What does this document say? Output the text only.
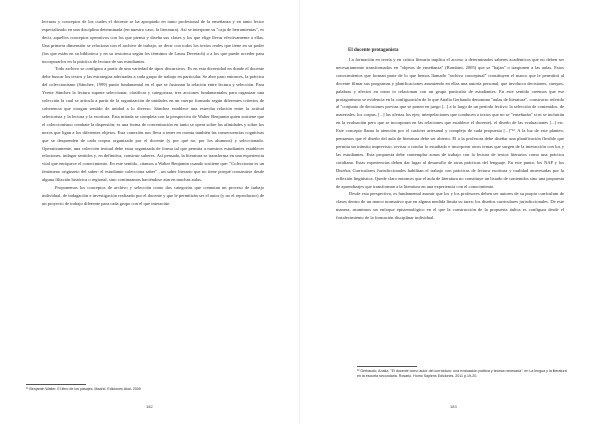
lecturas y conceptos de los cuales el docente se ha apropiado en tanto profesional de la enseñanza y en tanto lector especializado en una disciplina determinada (en nuestro caso, la literatura). Así se interpone su "caja de herramientas", es decir, aquellos conceptos operativos con los que piensa y diseña sus clases y los que elige llevar efectivamente a ellas. Una primera dimensión se relaciona con el archivo de trabajo, se decir con todos los textos reales que tiene en su poder (los que están en su biblioteca y en su textoteca según los términos de Laura Devetach) o a los que puede acceder para incorporarlos en la práctica de lectura de sus estudiantes.

Todo archivo se configura a partir de una variedad de tipos discursivos. Es en esta diversidad en donde el docente debe buscar los textos y las estrategias adecuadas a cada grupo de trabajo en particular. Se abre paso entonces, la práctica del coleccionismo (Sánchez, 1999) punto fundamental en el que se fusionan la relación entre lectura y selección. Para Yvette Sánchez la lectura supone seleccionar, clasificar y categorizar, tres acciones fundamentales para organizar una colección la cual se articula a partir de la organización de unidades en un cuerpo formado según diferentes criterios de coherencia que otorgan sentido de unidad a lo diverso. Sánchez establece una estrecha relación entre la actitud selectorista y la lectura y la escritura. Esta mirada se completa con la perspectiva de Walter Benjamin quien sostiene que el coleccionismo combate la dispersión; es una forma de concentración en tanto se opera sobre las afinidades y sobre los nexos que ligan a los diferentes objetos. Esta conexión nos lleva a tener en cuenta también las consecuencias cognitivas que se desprenden de cada corpus organizado por el docente (y por qué no, por los alumnos) y seleccionado. Operativamente, una colección textual debe estar organizada de forma tal que permita a nuestros estudiantes establecer relaciones, indagar sentidos y, en definitiva, construir saberes. Así pensada, la literatura se transforma en una experiencia vital que enriquece el conocimiento. En este sentido, citamos a Walter Benjamin cuando sostiene que: "Coleccionar es un fenómeno originario del saber: el estudiante colecciona saber" , un saber literario que no tiene porqué construirse desde alguna filiación histórica o regional, sino continuamos haciéndose aún en muchas aulas.

Proponemos los conceptos de archivo y selección como dos categorías que connotan un proceso de trabajo individual, de indagación e investigación realizado por el docente y que le permitirán ser el autor (y no el reproductor) de un proyecto de trabajo diferente para cada grupo con el que interactúe.

¹¹ Benjamin Walter. El libro de los pasajes. Madrid. Ediciones Akal. 2005
182
El docente protagonista

La formación en teoría y en crítica literaria implica el acceso a determinados saberes académicos que no deben ser necesariamente transformados en "objetos de enseñanza" (Bombini, 2005) que se "bajan" o trasponen a las aulas. Estos conocimientos que forman parte de lo que hemos llamado "archivo conceptual" constituyen el marco que le permitirá al docente filmar sus programas y planificaciones asumiendo en ellas una autoría personal, que involucra decisiones, cuerpos, palabras y afectos en torno to relacionan con un grupo particular de estudiantes. En este sentido creemos que ese protagonismo se evidencia en la configuración de lo que Analía Gerbaudo denomina "aulas de literatura", constructo referido al "conjunto de decisiones previas que se ponen en juego [...] a lo largo de un período lectivo: la selección de contenidos, de materiales, los corpus, [...] las ofertas los ejes; interpelaciones que conducen a textos que no se "enseñarán" si ni se incluirán en la evaluación pero que se incorporan en las relaciones que establece el docente), el diseño de las evaluaciones [...] etc. Este concepto llama la atención por el carácter artesanal y complejo de cada propuesta [...]"¹². A la luz de este planteo, pensamos que el diseño del aula de literatura debe ser abierto. El o la profesora debe diseñar una planificación flexible que permita un tránsito imprevisto, revisar o rotular lo estudiado e incorporar otros temas que surgen de la interacción con los y las estudiantes. Esta propuesta debe contemplar zonas de trabajo con la lectura de textos literarios como una práctica cotidiana. Estas experiencias deben dar lugar al desarrollo de otras prácticas del lenguaje. En este punto, los NAP y los Diseños Curriculares Jurisdiccionales habilitan el trabajo con prácticas de lectura escritura y oralidad atravesadas por la reflexión lingüística. Quede claro entonces que el aula de literatura no constituye un listado de contenidos sino una propuesta de aprendizajes que transforman a la literatura en una experiencia con el conocimiento.

Desde esta perspectiva, es fundamental asumir que los y los profesores deben ser autores de su propio currículum de clases dentro de un marco normativo que en alguna medida limita su tarea: los diseños curriculares jurisdiccionales. De este manera, asumimos un enfoque epistemológico en el que la construcción de la propuesta áulica es configura desde el fortalecimiento de la formación disciplinar individual.

¹² Gerbaudo, Analía. "El docente como autor del currículum: una evaluación poética y teórica necesaria". en La lengua y la literatura en la escuela secundaria. Rosario. Homo Sapiens Ediciones. 2011 p.19-20.
183
